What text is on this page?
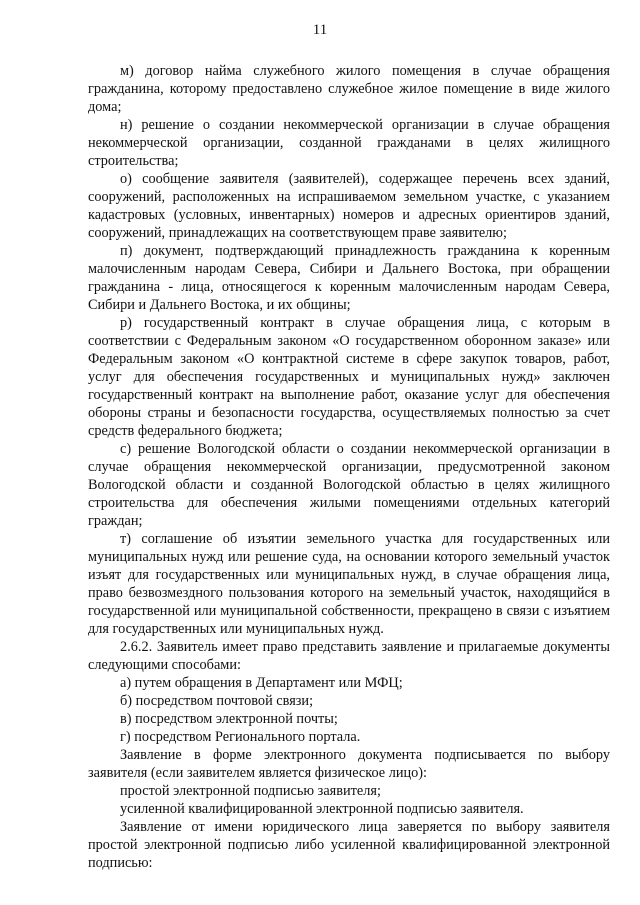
11

м) договор найма служебного жилого помещения в случае обращения гражданина, которому предоставлено служебное жилое помещение в виде жилого дома;

н) решение о создании некоммерческой организации в случае обращения некоммерческой организации, созданной гражданами в целях жилищного строительства;

о) сообщение заявителя (заявителей), содержащее перечень всех зданий, сооружений, расположенных на испрашиваемом земельном участке, с указанием кадастровых (условных, инвентарных) номеров и адресных ориентиров зданий, сооружений, принадлежащих на соответствующем праве заявителю;

п) документ, подтверждающий принадлежность гражданина к коренным малочисленным народам Севера, Сибири и Дальнего Востока, при обращении гражданина - лица, относящегося к коренным малочисленным народам Севера, Сибири и Дальнего Востока, и их общины;

р) государственный контракт в случае обращения лица, с которым в соответствии с Федеральным законом «О государственном оборонном заказе» или Федеральным законом «О контрактной системе в сфере закупок товаров, работ, услуг для обеспечения государственных и муниципальных нужд» заключен государственный контракт на выполнение работ, оказание услуг для обеспечения обороны страны и безопасности государства, осуществляемых полностью за счет средств федерального бюджета;

с) решение Вологодской области о создании некоммерческой организации в случае обращения некоммерческой организации, предусмотренной законом Вологодской области и созданной Вологодской областью в целях жилищного строительства для обеспечения жилыми помещениями отдельных категорий граждан;

т) соглашение об изъятии земельного участка для государственных или муниципальных нужд или решение суда, на основании которого земельный участок изъят для государственных или муниципальных нужд, в случае обращения лица, право безвозмездного пользования которого на земельный участок, находящийся в государственной или муниципальной собственности, прекращено в связи с изъятием для государственных или муниципальных нужд.

2.6.2. Заявитель имеет право представить заявление и прилагаемые документы следующими способами:

а) путем обращения в Департамент или МФЦ;

б) посредством почтовой связи;

в) посредством электронной почты;

г) посредством Регионального портала.

Заявление в форме электронного документа подписывается по выбору заявителя (если заявителем является физическое лицо):

простой электронной подписью заявителя;

усиленной квалифицированной электронной подписью заявителя.

Заявление от имени юридического лица заверяется по выбору заявителя простой электронной подписью либо усиленной квалифицированной электронной подписью:
